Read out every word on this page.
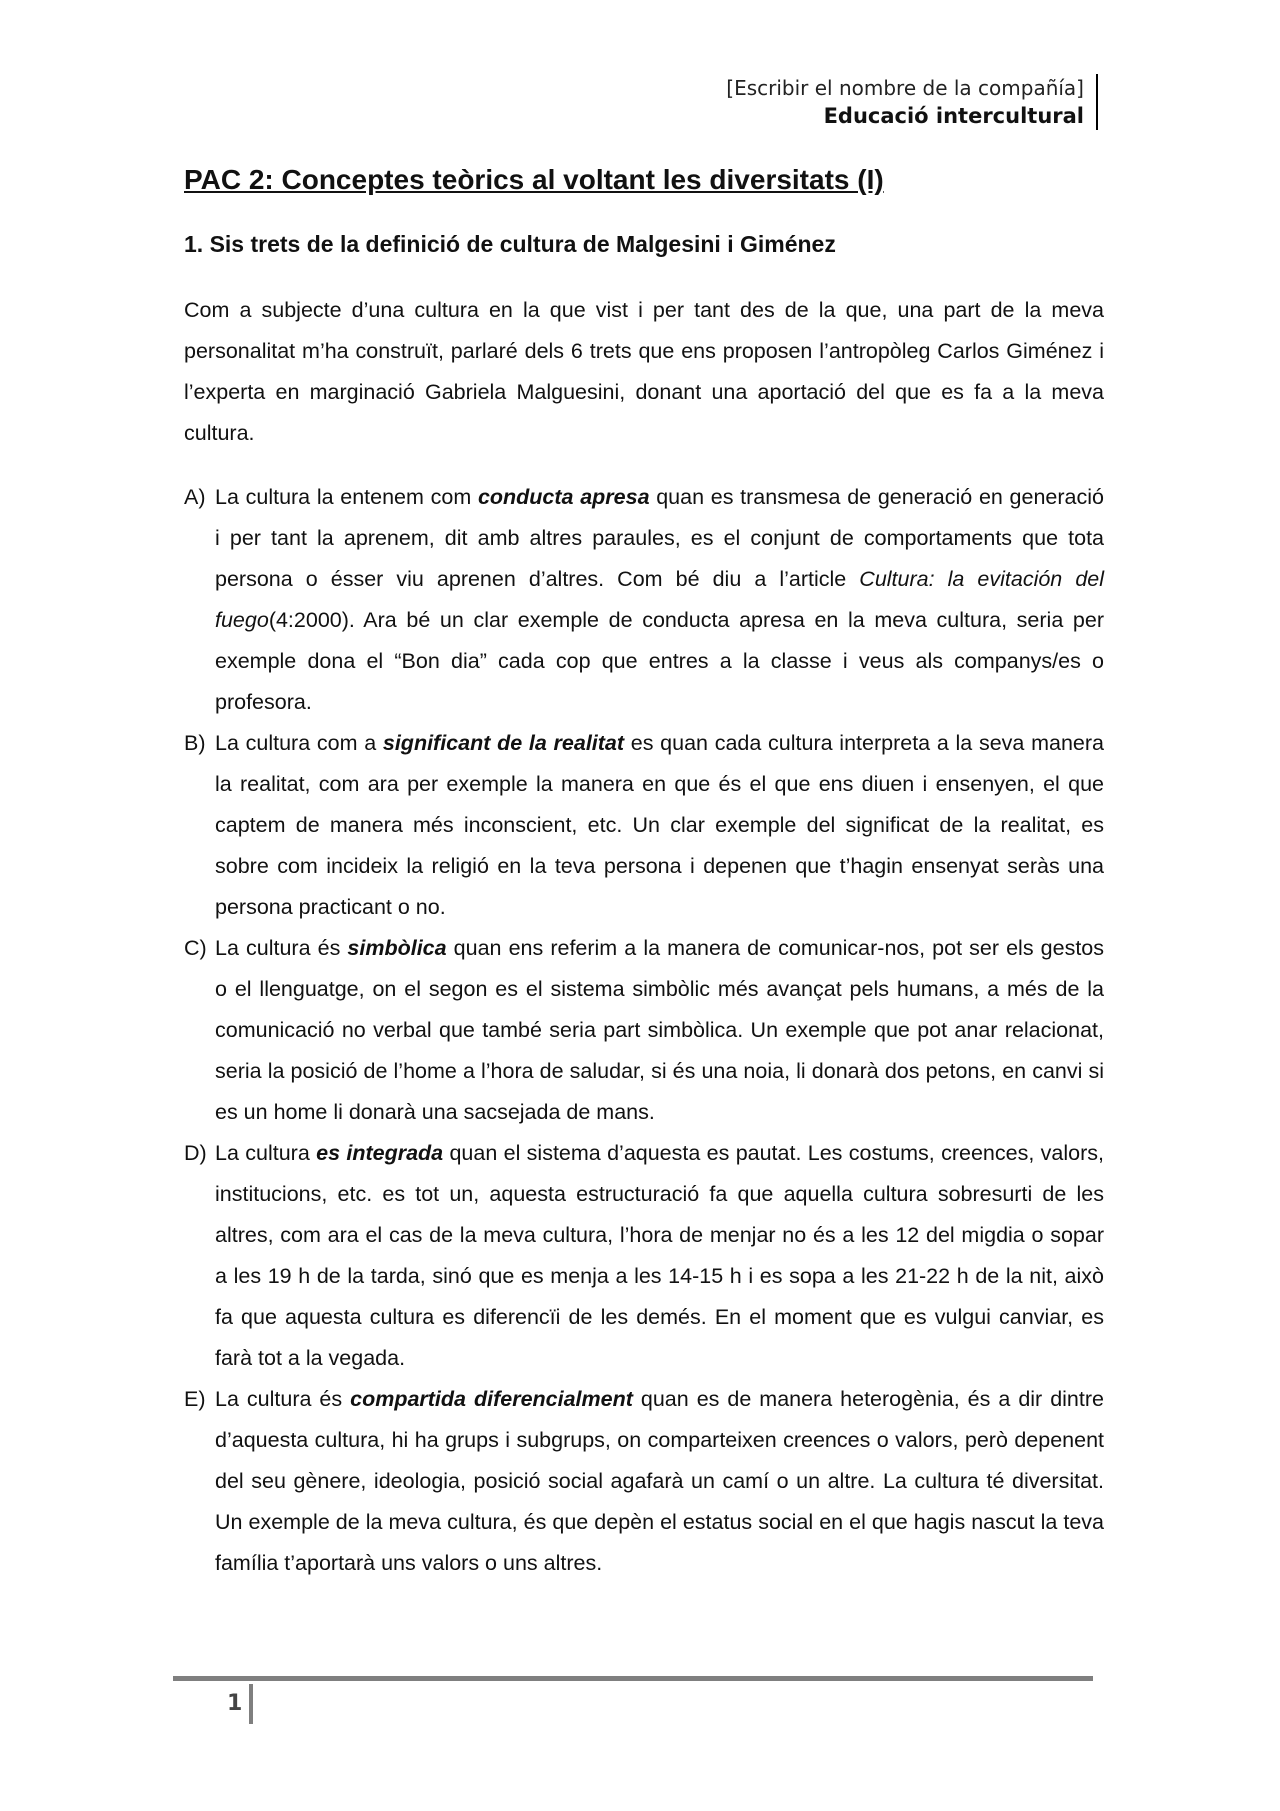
[Escribir el nombre de la compañía]
Educació intercultural
PAC 2: Conceptes teòrics al voltant les diversitats (I)
1. Sis trets de la definició de cultura de Malgesini i Giménez

Com a subjecte d’una cultura en la que vist i per tant des de la que, una part de la meva personalitat m’ha construït, parlaré dels 6 trets que ens proposen l’antropòleg Carlos Giménez i l’experta en marginació Gabriela Malguesini, donant una aportació del que es fa a la meva cultura.

A) La cultura la entenem com conducta apresa quan es transmesa de generació en generació i per tant la aprenem, dit amb altres paraules, es el conjunt de comportaments que tota persona o ésser viu aprenen d’altres. Com bé diu a l’article Cultura: la evitación del fuego(4:2000). Ara bé un clar exemple de conducta apresa en la meva cultura, seria per exemple dona el “Bon dia” cada cop que entres a la classe i veus als companys/es o profesora.
B) La cultura com a significant de la realitat es quan cada cultura interpreta a la seva manera la realitat, com ara per exemple la manera en que és el que ens diuen i ensenyen, el que captem de manera més inconscient, etc. Un clar exemple del significat de la realitat, es sobre com incideix la religió en la teva persona i depenen que t’hagin ensenyat seràs una persona practicant o no.
C) La cultura és simbòlica quan ens referim a la manera de comunicar-nos, pot ser els gestos o el llenguatge, on el segon es el sistema simbòlic més avançat pels humans, a més de la comunicació no verbal que també seria part simbòlica. Un exemple que pot anar relacionat, seria la posició de l’home a l’hora de saludar, si és una noia, li donarà dos petons, en canvi si es un home li donarà una sacsejada de mans.
D) La cultura es integrada quan el sistema d’aquesta es pautat. Les costums, creences, valors, institucions, etc. es tot un, aquesta estructuració fa que aquella cultura sobresurti de les altres, com ara el cas de la meva cultura, l’hora de menjar no és a les 12 del migdia o sopar a les 19 h de la tarda, sinó que es menja a les 14-15 h i es sopa a les 21-22 h de la nit, això fa que aquesta cultura es diferencïi de les demés. En el moment que es vulgui canviar, es farà tot a la vegada.
E) La cultura és compartida diferencialment quan es de manera heterogènia, és a dir dintre d’aquesta cultura, hi ha grups i subgrups, on comparteixen creences o valors, però depenent del seu gènere, ideologia, posició social agafarà un camí o un altre. La cultura té diversitat. Un exemple de la meva cultura, és que depèn el estatus social en el que hagis nascut la teva família t’aportarà uns valors o uns altres.
1
